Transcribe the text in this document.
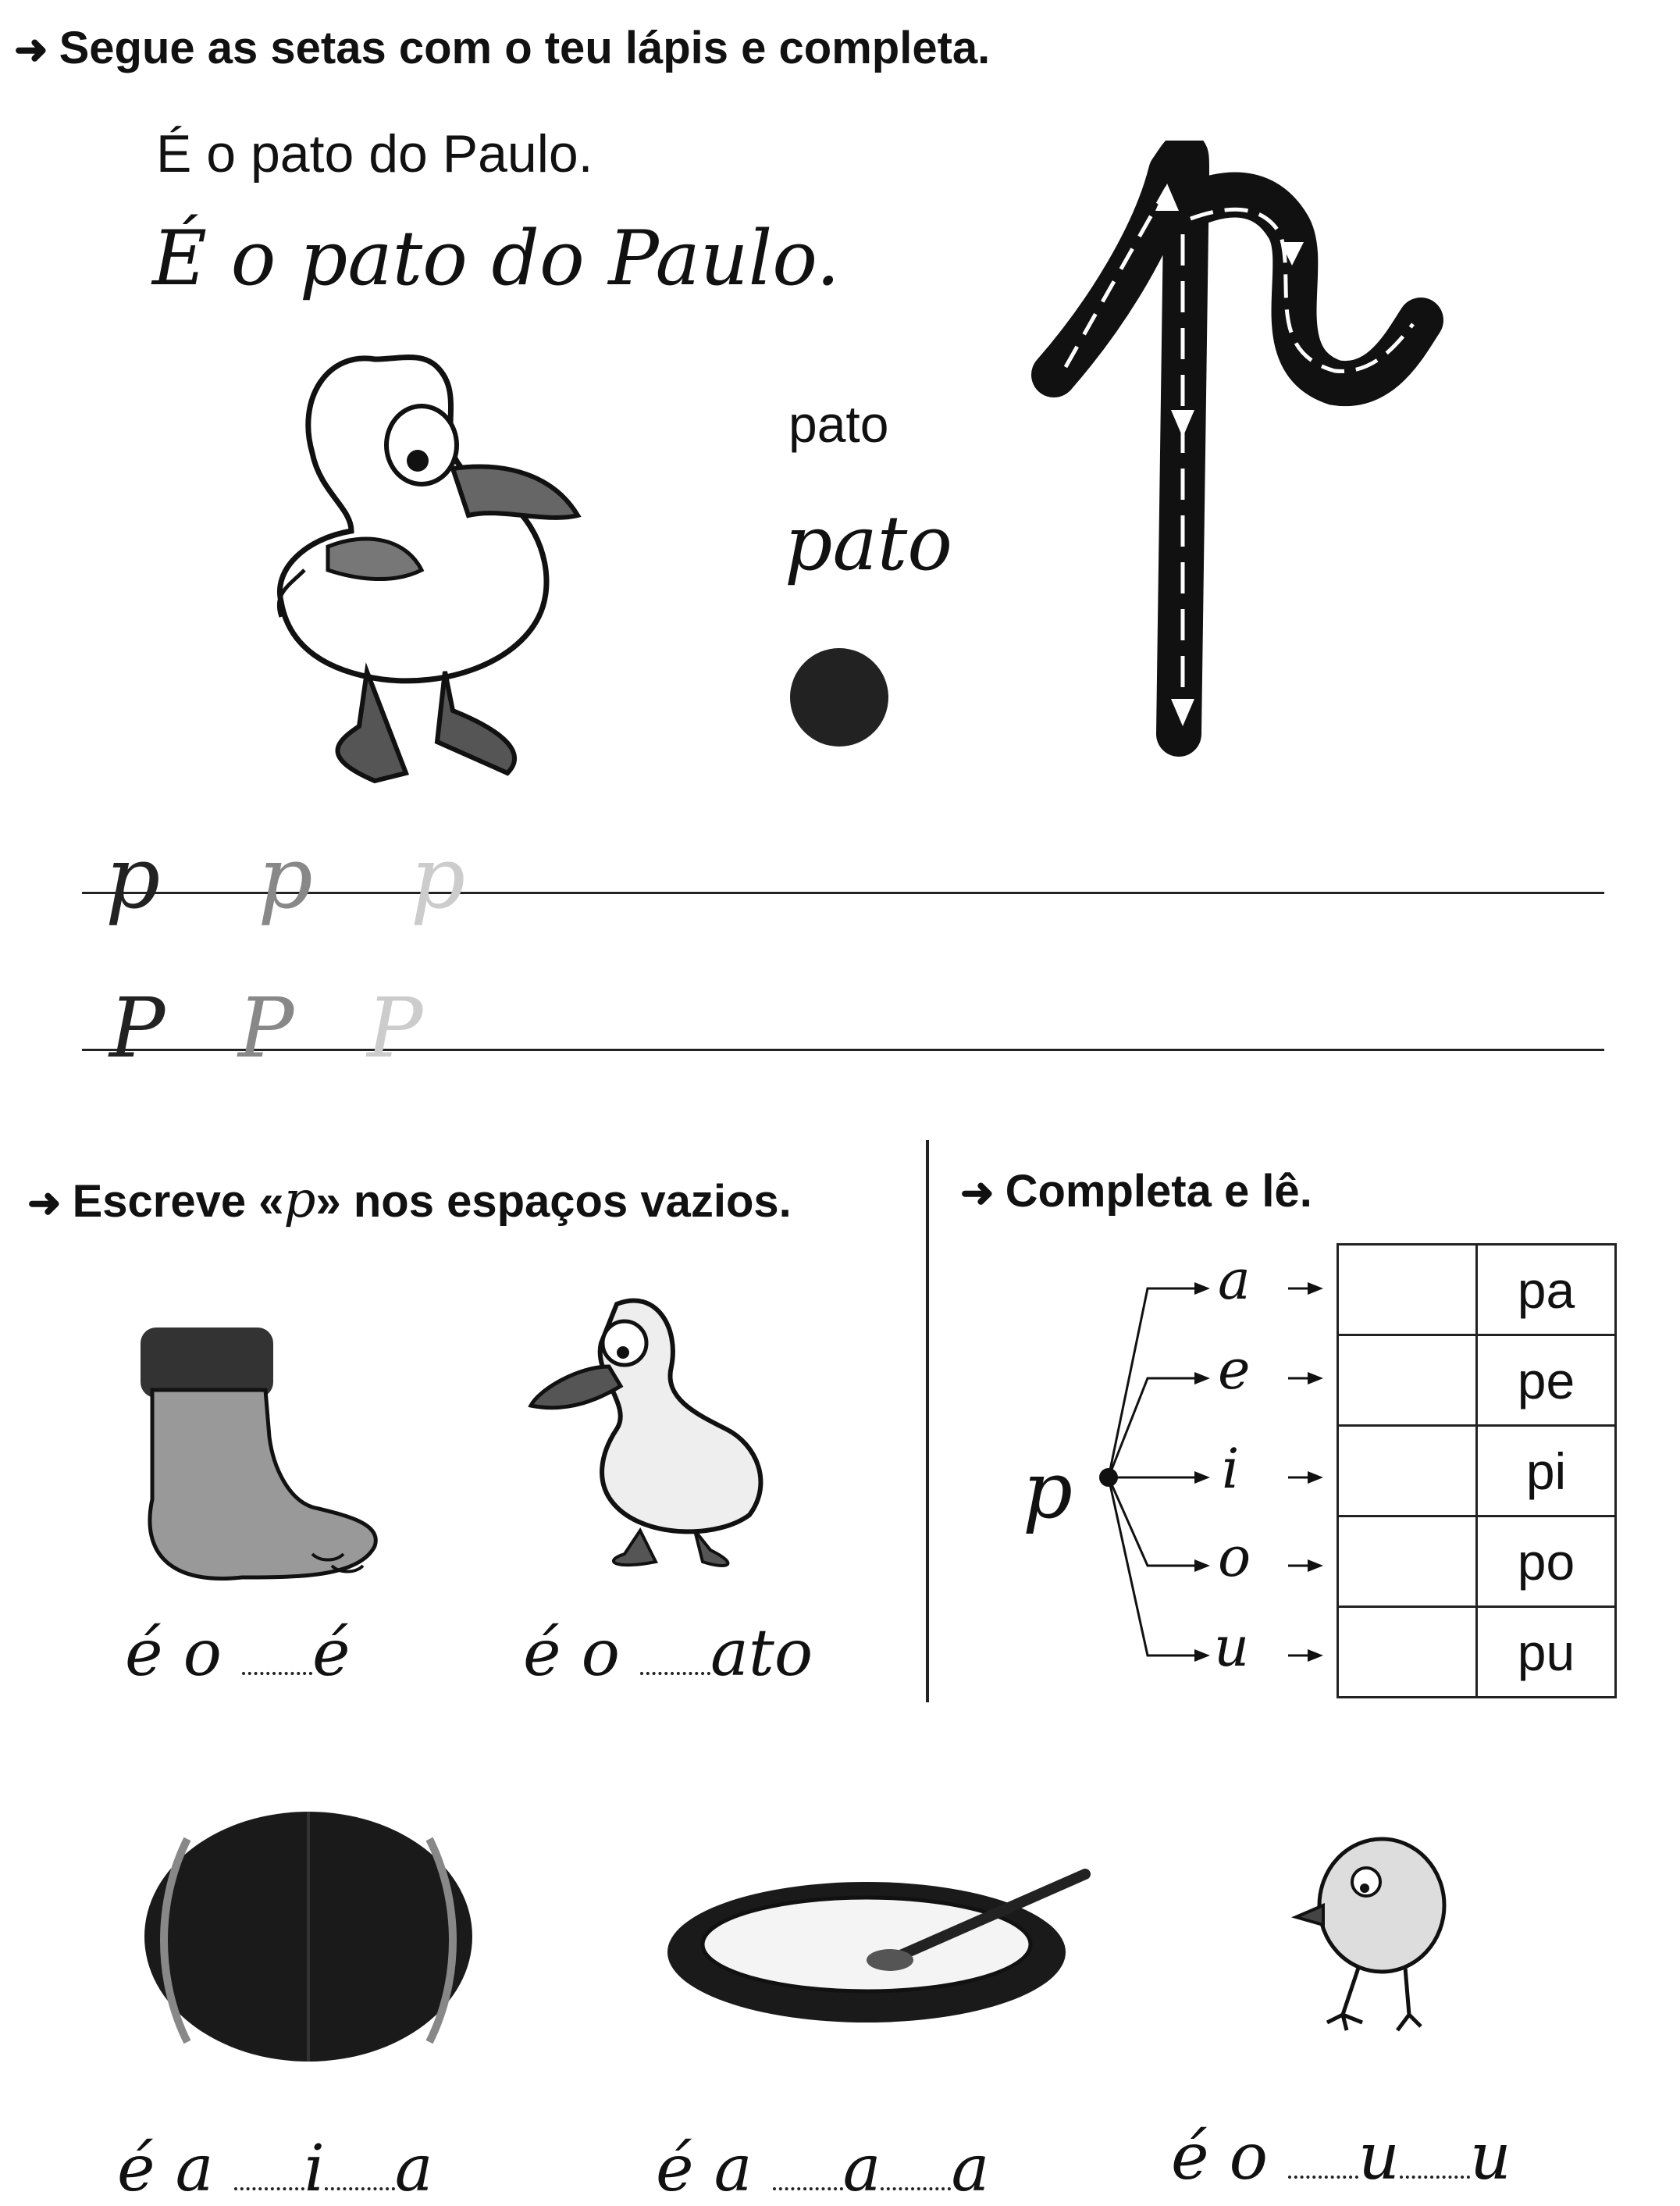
➜ Segue as setas com o teu lápis e completa.
É o pato do Paulo.
É o pato do Paulo.
pato
pato
p p p
P P P
➜ Escreve «p» nos espaços vazios.
é o é	é o ato
➜ Completa e lê.
p
a
e
i
o
u
	pa
	pe
	pi
	po
	pu
é a i a	é a a a	é o u u
